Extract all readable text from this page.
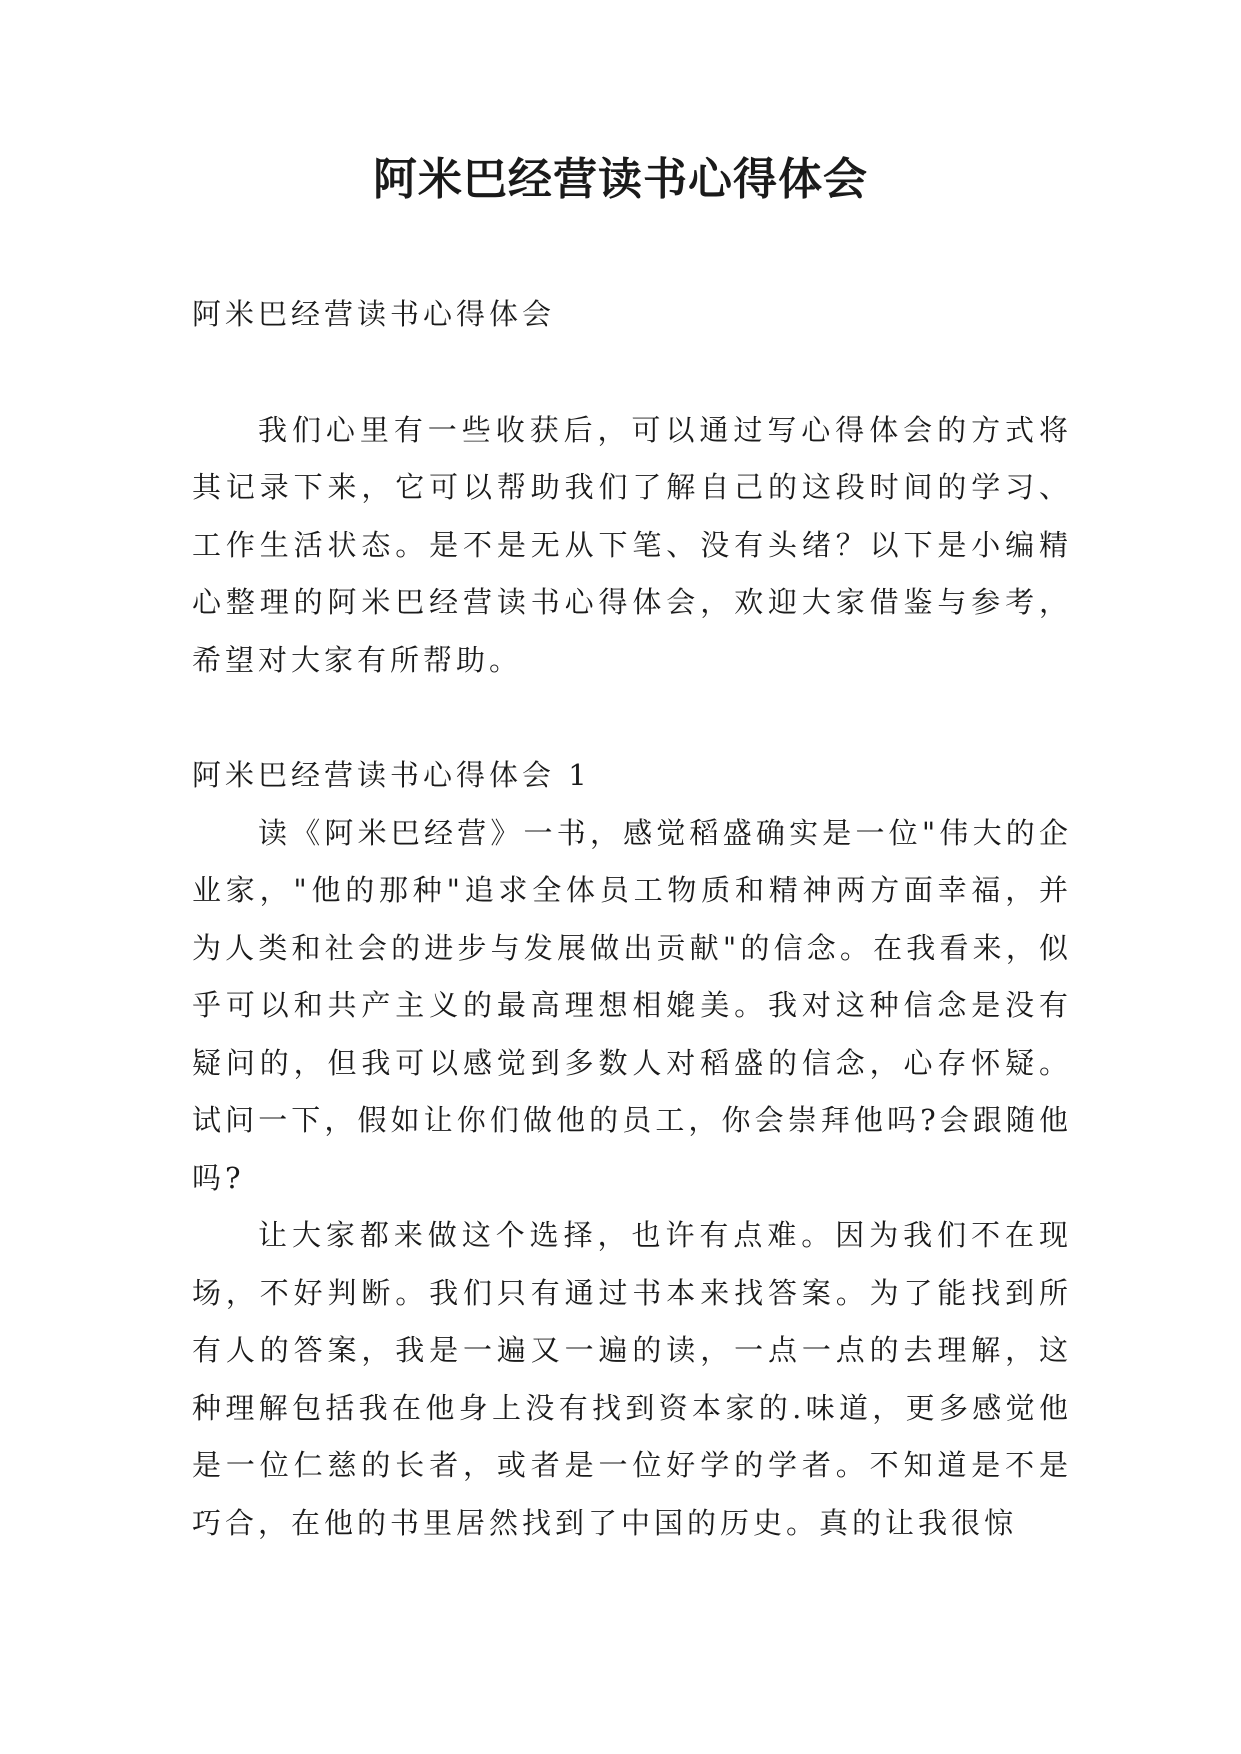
阿米巴经营读书心得体会

阿米巴经营读书心得体会

我们心里有一些收获后，可以通过写心得体会的方式将其记录下来，它可以帮助我们了解自己的这段时间的学习、工作生活状态。是不是无从下笔、没有头绪？以下是小编精心整理的阿米巴经营读书心得体会，欢迎大家借鉴与参考，希望对大家有所帮助。

阿米巴经营读书心得体会 1

读《阿米巴经营》一书，感觉稻盛确实是一位"伟大的企业家，"他的那种"追求全体员工物质和精神两方面幸福，并为人类和社会的进步与发展做出贡献"的信念。在我看来，似乎可以和共产主义的最高理想相媲美。我对这种信念是没有疑问的，但我可以感觉到多数人对稻盛的信念，心存怀疑。试问一下，假如让你们做他的员工，你会崇拜他吗?会跟随他吗?

让大家都来做这个选择，也许有点难。因为我们不在现场，不好判断。我们只有通过书本来找答案。为了能找到所有人的答案，我是一遍又一遍的读，一点一点的去理解，这种理解包括我在他身上没有找到资本家的.味道，更多感觉他是一位仁慈的长者，或者是一位好学的学者。不知道是不是巧合，在他的书里居然找到了中国的历史。真的让我很惊
